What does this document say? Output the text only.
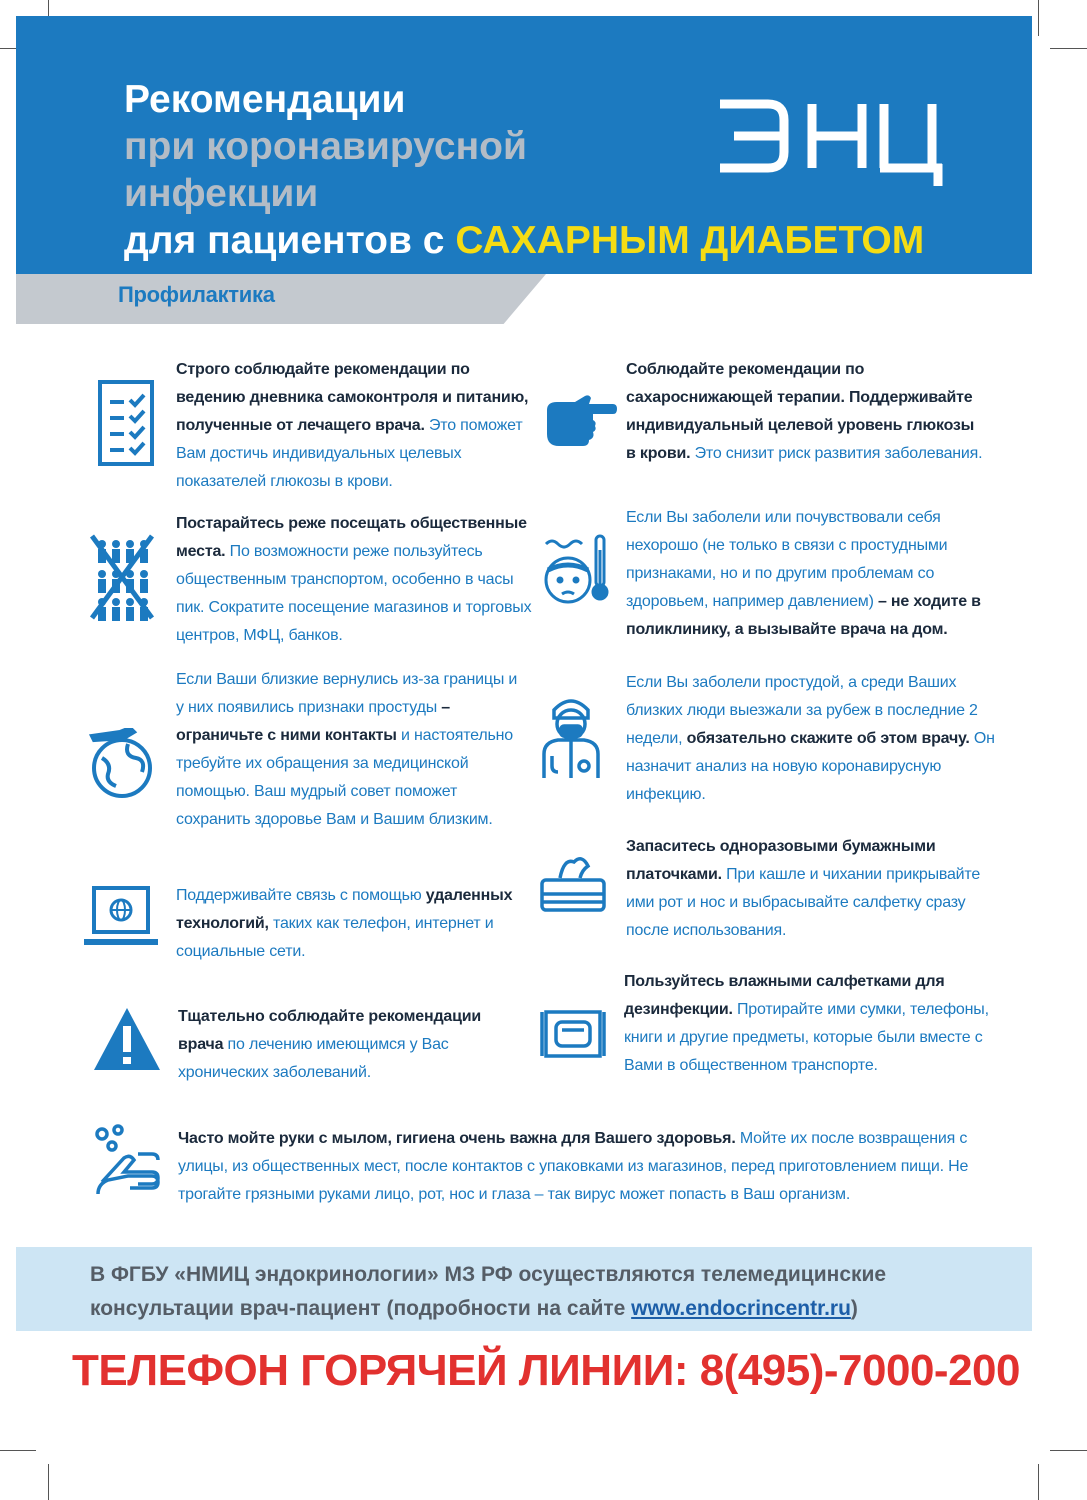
Рекомендации
при коронавирусной
инфекции
для пациентов с САХАРНЫМ ДИАБЕТОМ
Профилактика
Строго соблюдайте рекомендации по ведению дневника самоконтроля и питанию, полученные от лечащего врача. Это поможет Вам достичь индивидуальных целевых показателей глюкозы в крови.
Постарайтесь реже посещать общественные места. По возможности реже пользуйтесь общественным транспортом, особенно в часы пик. Сократите посещение магазинов и торговых центров, МФЦ, банков.
Если Ваши близкие вернулись из-за границы и у них появились признаки простуды – ограничьте с ними контакты и настоятельно требуйте их обращения за медицинской помощью. Ваш мудрый совет поможет сохранить здоровье Вам и Вашим близким.
Поддерживайте связь с помощью удаленных технологий, таких как телефон, интернет и социальные сети.
Тщательно соблюдайте рекомендации врача по лечению имеющимся у Вас хронических заболеваний.
Соблюдайте рекомендации по сахароснижающей терапии. Поддерживайте индивидуальный целевой уровень глюкозы в крови. Это снизит риск развития заболевания.
Если Вы заболели или почувствовали себя нехорошо (не только в связи с простудными признаками, но и по другим проблемам со здоровьем, например давлением) – не ходите в поликлинику, а вызывайте врача на дом.
Если Вы заболели простудой, а среди Ваших близких люди выезжали за рубеж в последние 2 недели, обязательно скажите об этом врачу. Он назначит анализ на новую коронавирусную инфекцию.
Запаситесь одноразовыми бумажными платочками. При кашле и чихании прикрывайте ими рот и нос и выбрасывайте салфетку сразу после использования.
Пользуйтесь влажными салфетками для дезинфекции. Протирайте ими сумки, телефоны, книги и другие предметы, которые были вместе с Вами в общественном транспорте.
Часто мойте руки с мылом, гигиена очень важна для Вашего здоровья. Мойте их после возвращения с улицы, из общественных мест, после контактов с упаковками из магазинов, перед приготовлением пищи. Не трогайте грязными руками лицо, рот, нос и глаза – так вирус может попасть в Ваш организм.
В ФГБУ «НМИЦ эндокринологии» МЗ РФ осуществляются телемедицинские
консультации врач-пациент (подробности на сайте www.endocrincentr.ru)
ТЕЛЕФОН ГОРЯЧЕЙ ЛИНИИ: 8(495)-7000-200
